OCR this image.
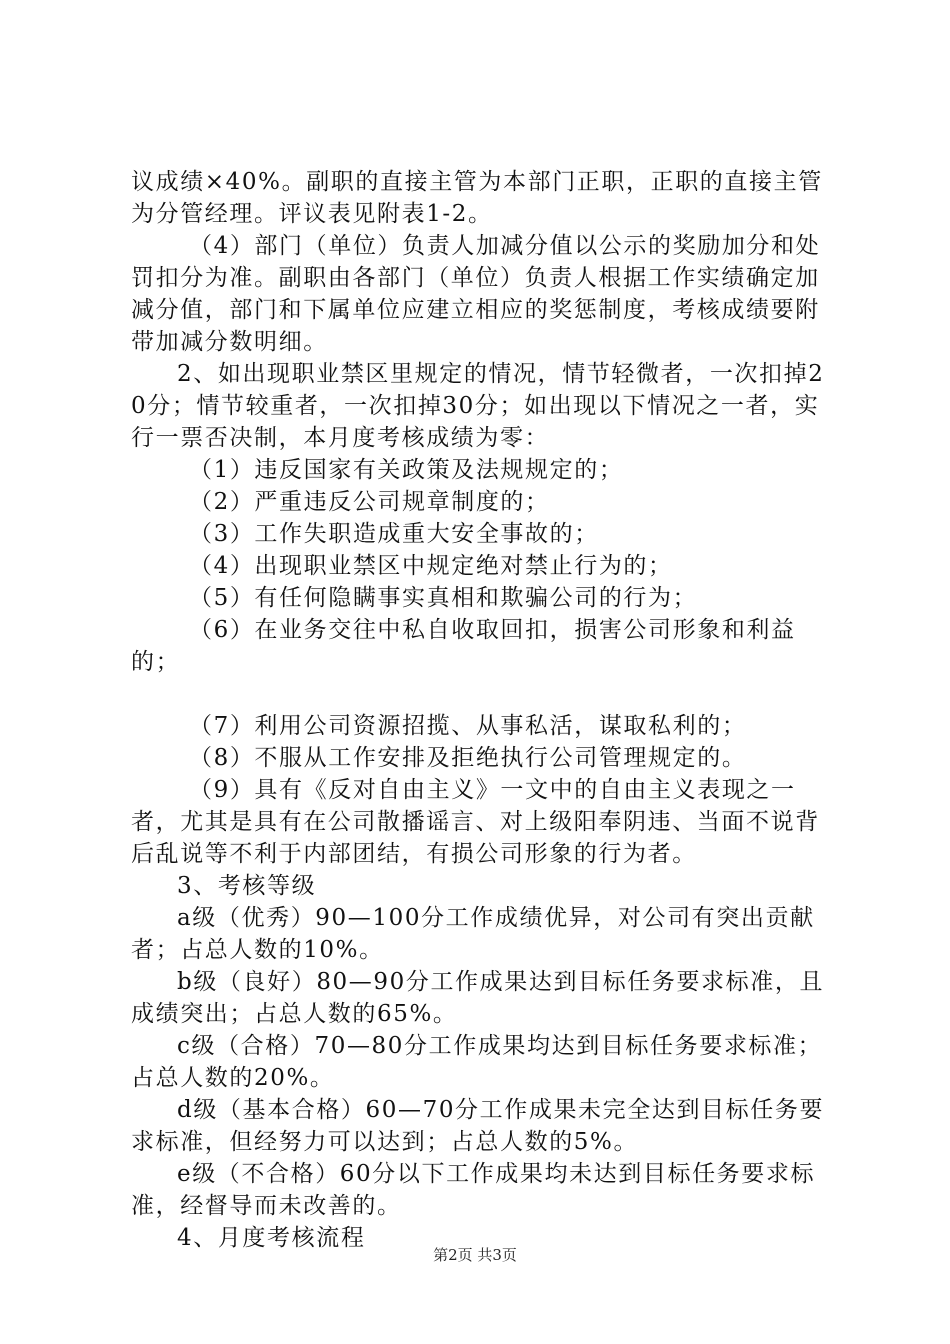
议成绩×40%。副职的直接主管为本部门正职，正职的直接主管为分管经理。评议表见附表1-2。

（4）部门（单位）负责人加减分值以公示的奖励加分和处罚扣分为准。副职由各部门（单位）负责人根据工作实绩确定加减分值，部门和下属单位应建立相应的奖惩制度，考核成绩要附带加减分数明细。

2、如出现职业禁区里规定的情况，情节轻微者，一次扣掉20分；情节较重者，一次扣掉30分；如出现以下情况之一者，实行一票否决制，本月度考核成绩为零：

（1）违反国家有关政策及法规规定的；

（2）严重违反公司规章制度的；

（3）工作失职造成重大安全事故的；

（4）出现职业禁区中规定绝对禁止行为的；

（5）有任何隐瞒事实真相和欺骗公司的行为；

（6）在业务交往中私自收取回扣，损害公司形象和利益的；

（7）利用公司资源招揽、从事私活，谋取私利的；

（8）不服从工作安排及拒绝执行公司管理规定的。

（9）具有《反对自由主义》一文中的自由主义表现之一者，尤其是具有在公司散播谣言、对上级阳奉阴违、当面不说背后乱说等不利于内部团结，有损公司形象的行为者。

3、考核等级

a级（优秀）90—100分工作成绩优异，对公司有突出贡献者；占总人数的10%。

b级（良好）80—90分工作成果达到目标任务要求标准，且成绩突出；占总人数的65%。

c级（合格）70—80分工作成果均达到目标任务要求标准；占总人数的20%。

d级（基本合格）60—70分工作成果未完全达到目标任务要求标准，但经努力可以达到；占总人数的5%。

e级（不合格）60分以下工作成果均未达到目标任务要求标准，经督导而未改善的。

4、月度考核流程

第2页 共3页
